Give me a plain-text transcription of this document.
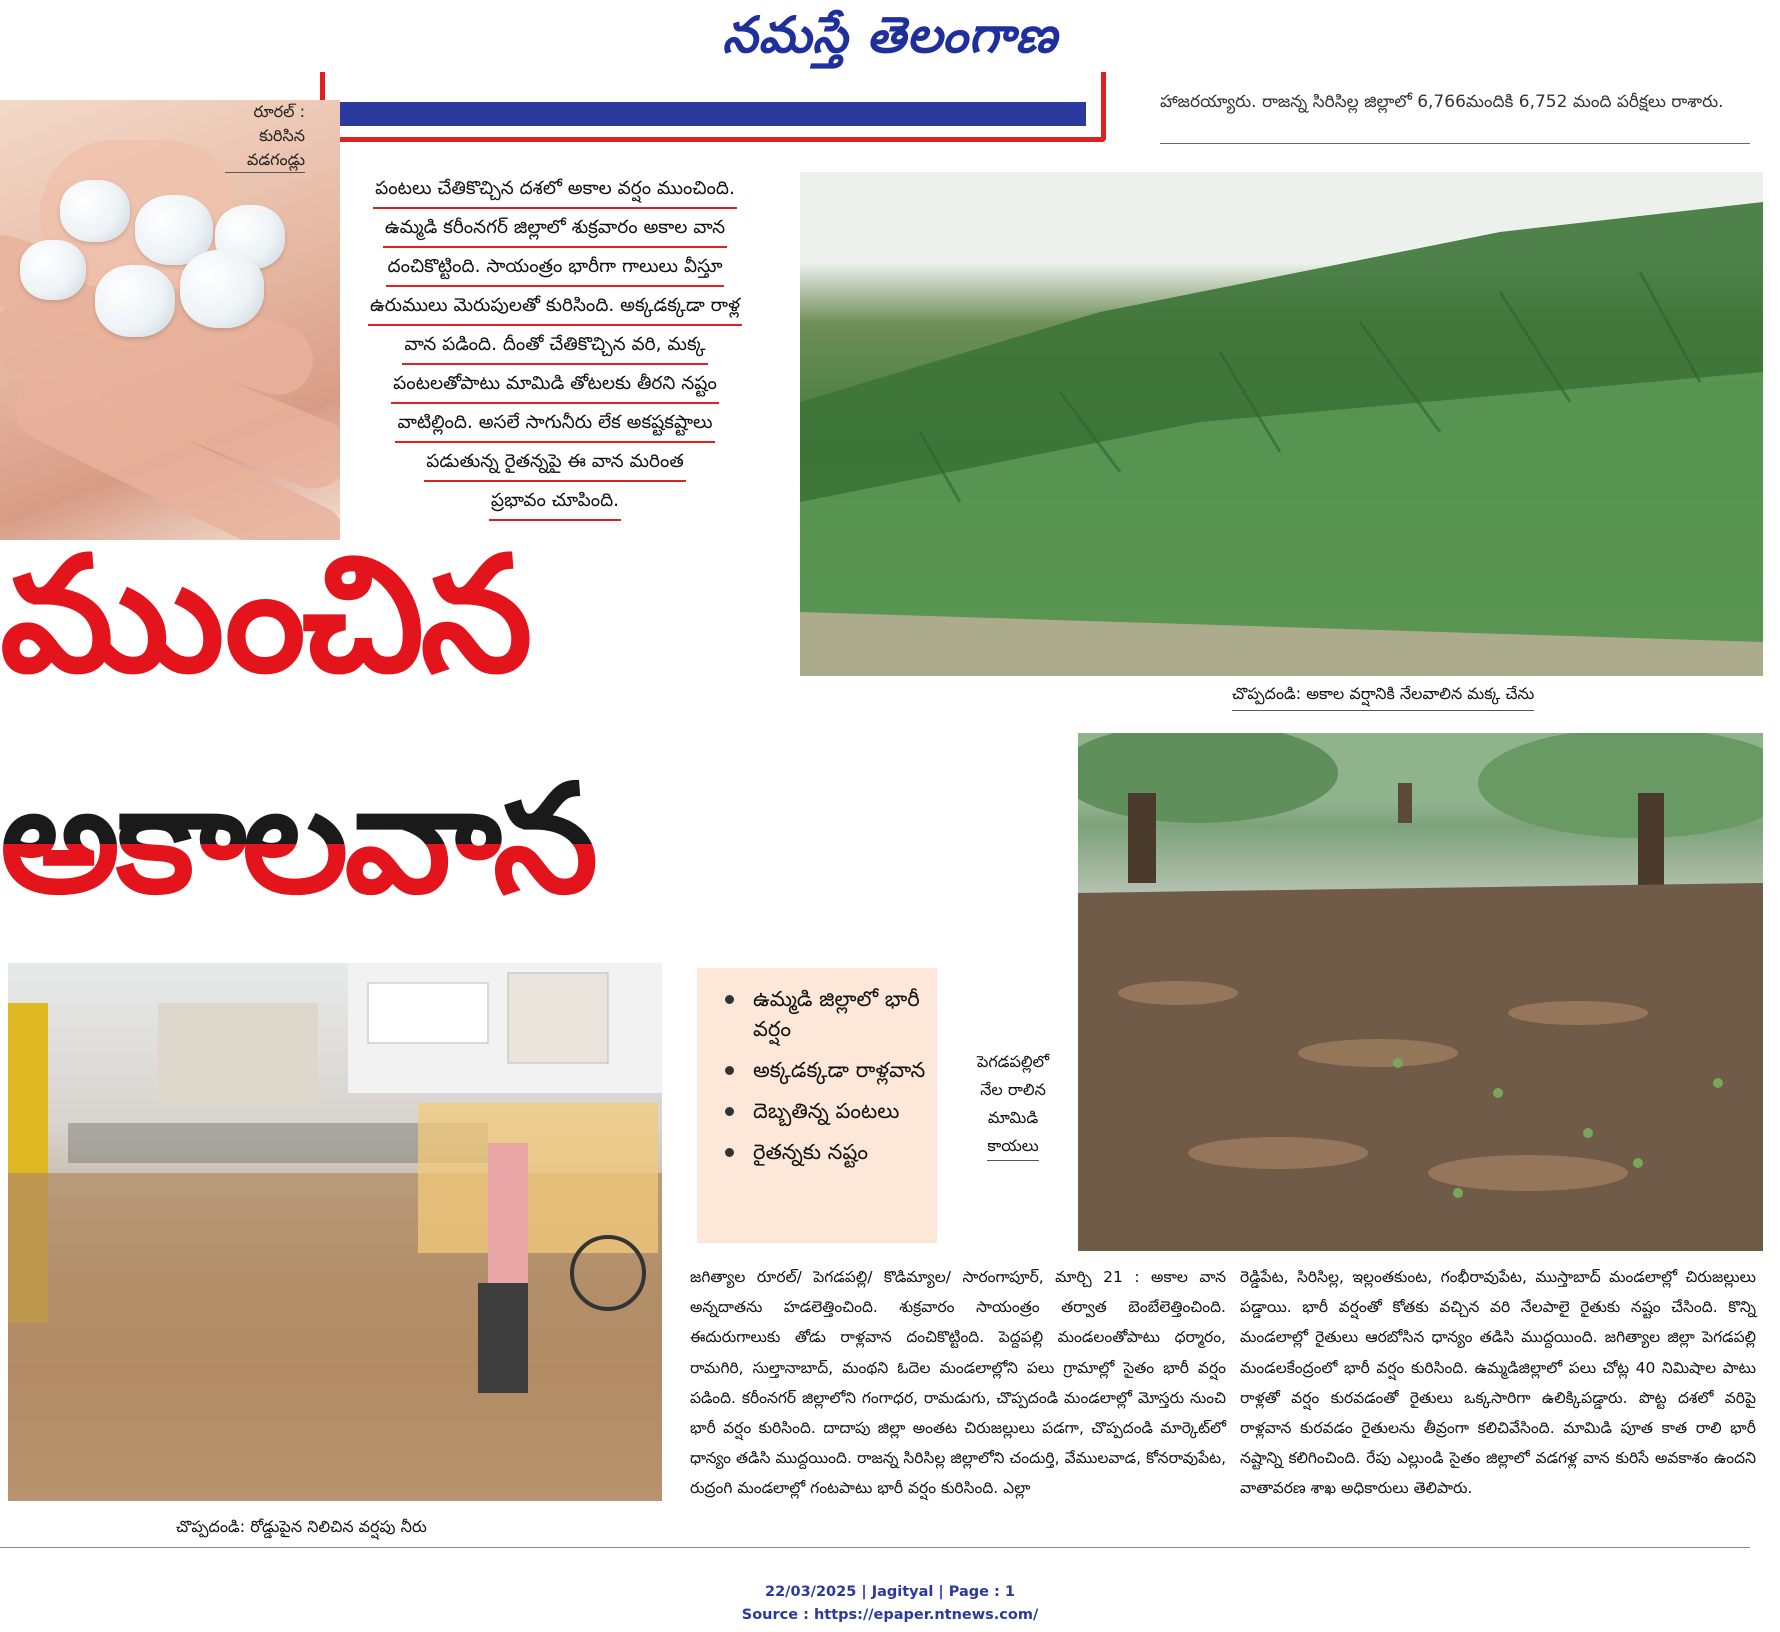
నమస్తే తెలంగాణ
హాజరయ్యారు. రాజన్న సిరిసిల్ల జిల్లాలో 6,766మందికి 6,752 మంది పరీక్షలు రాశారు.
రూరల్ :
కురిసిన
వడగండ్లు
పంటలు చేతికొచ్చిన దశలో అకాల వర్షం ముంచింది.
ఉమ్మడి కరీంనగర్ జిల్లాలో శుక్రవారం అకాల వాన
దంచికొట్టింది. సాయంత్రం భారీగా గాలులు వీస్తూ
ఉరుములు మెరుపులతో కురిసింది. అక్కడక్కడా రాళ్ల
వాన పడింది. దీంతో చేతికొచ్చిన వరి, మక్క
పంటలతోపాటు మామిడి తోటలకు తీరని నష్టం
వాటిల్లింది. అసలే సాగునీరు లేక అకష్టకష్టాలు
పడుతున్న రైతన్నపై ఈ వాన మరింత
ప్రభావం చూపింది.
చొప్పదండి: అకాల వర్షానికి నేలవాలిన మక్క చేను
ముంచిన
అకాలవాన
పెగడపల్లిలో
నేల రాలిన
మామిడి
కాయలు
చొప్పదండి: రోడ్డుపైన నిలిచిన వర్షపు నీరు
ఉమ్మడి జిల్లాలో భారీ వర్షం
అక్కడక్కడా రాళ్లవాన
దెబ్బతిన్న పంటలు
రైతన్నకు నష్టం
జగిత్యాల రూరల్/ పెగడపల్లి/ కొడిమ్యాల/ సారంగాపూర్, మార్చి 21 : అకాల వాన అన్నదాతను హడలెత్తించింది. శుక్రవారం సాయంత్రం తర్వాత బెంబేలెత్తించింది. ఈదురుగాలుకు తోడు రాళ్లవాన దంచికొట్టింది. పెద్దపల్లి మండలంతోపాటు ధర్మారం, రామగిరి, సుల్తానాబాద్, మంథని ఓదెల మండలాల్లోని పలు గ్రామాల్లో సైతం భారీ వర్షం పడింది. కరీంనగర్ జిల్లాలోని గంగాధర, రామడుగు, చొప్పదండి మండలాల్లో మోస్తరు నుంచి భారీ వర్షం కురిసింది. దాదాపు జిల్లా అంతట చిరుజల్లులు పడగా, చొప్పదండి మార్కెట్‌లో ధాన్యం తడిసి ముద్దయింది. రాజన్న సిరిసిల్ల జిల్లాలోని చందుర్తి, వేములవాడ, కోనరావుపేట, రుద్రంగి మండలాల్లో గంటపాటు భారీ వర్షం కురిసింది. ఎల్లా
రెడ్డిపేట, సిరిసిల్ల, ఇల్లంతకుంట, గంభీరావుపేట, ముస్తాబాద్ మండలాల్లో చిరుజల్లులు పడ్డాయి. భారీ వర్షంతో కోతకు వచ్చిన వరి నేలపాలై రైతుకు నష్టం చేసింది. కొన్ని మండలాల్లో రైతులు ఆరబోసిన ధాన్యం తడిసి ముద్దయింది. జగిత్యాల జిల్లా పెగడపల్లి మండలకేంద్రంలో భారీ వర్షం కురిసింది. ఉమ్మడిజిల్లాలో పలు చోట్ల 40 నిమిషాల పాటు రాళ్లతో వర్షం కురవడంతో రైతులు ఒక్కసారిగా ఉలిక్కిపడ్డారు. పొట్ట దశలో వరిపై రాళ్లవాన కురవడం రైతులను తీవ్రంగా కలిచివేసింది. మామిడి పూత కాత రాలి భారీ నష్టాన్ని కలిగించింది. రేపు ఎల్లుండి సైతం జిల్లాలో వడగళ్ల వాన కురిసే అవకాశం ఉందని వాతావరణ శాఖ అధికారులు తెలిపారు.
22/03/2025 | Jagityal | Page : 1
Source : https://epaper.ntnews.com/
